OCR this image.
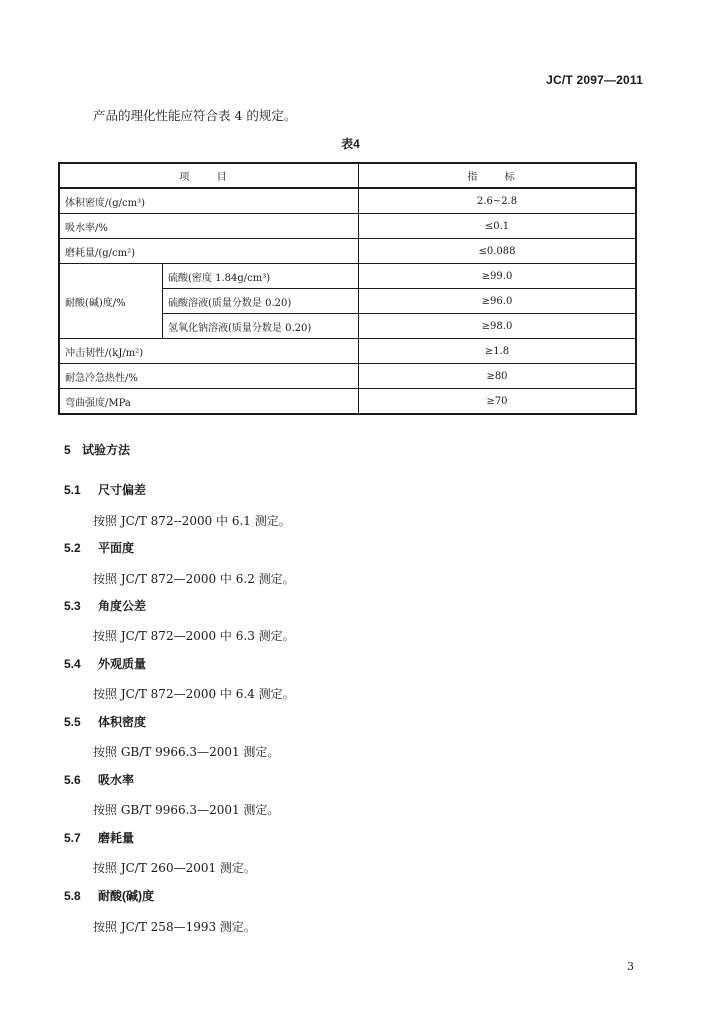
JC/T 2097—2011
产品的理化性能应符合表 4 的规定。
表4
项 目		指 标
体积密度/(g/cm³)		2.6~2.8
吸水率/%		≤0.1
磨耗量/(g/cm²)		≤0.088
耐酸(碱)度/%	硫酸(密度 1.84g/cm³)	≥99.0
	硫酸溶液(质量分数是 0.20)	≥96.0
	氢氧化钠溶液(质量分数是 0.20)	≥98.0
冲击韧性/(kJ/m²)		≥1.8
耐急冷急热性/%		≥80
弯曲强度/MPa		≥70
5 试验方法
5.1 尺寸偏差
按照 JC/T 872--2000 中 6.1 测定。
5.2 平面度
按照 JC/T 872—2000 中 6.2 测定。
5.3 角度公差
按照 JC/T 872—2000 中 6.3 测定。
5.4 外观质量
按照 JC/T 872—2000 中 6.4 测定。
5.5 体积密度
按照 GB/T 9966.3—2001 测定。
5.6 吸水率
按照 GB/T 9966.3—2001 测定。
5.7 磨耗量
按照 JC/T 260—2001 测定。
5.8 耐酸(碱)度
按照 JC/T 258—1993 测定。
3
